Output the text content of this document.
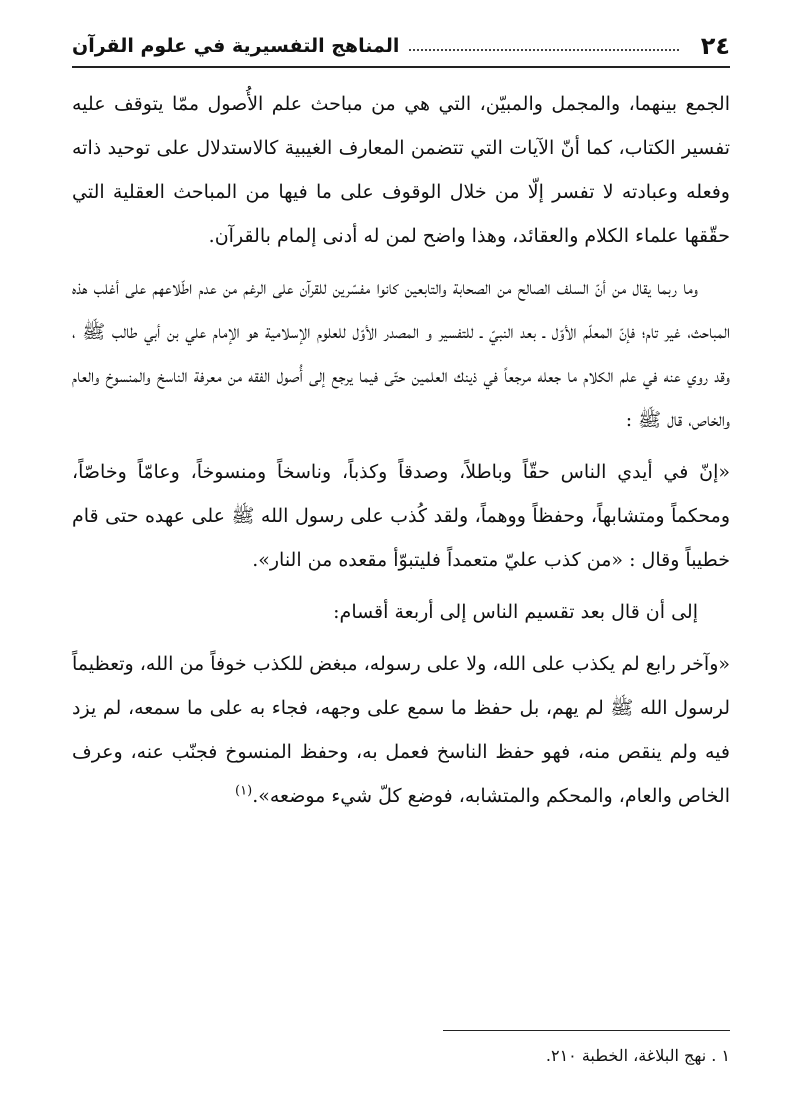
٢٤
المناهج التفسيرية في علوم القرآن

الجمع بينهما، والمجمل والمبيّن، التي هي من مباحث علم الأُصول ممّا يتوقف عليه تفسير الكتاب، كما أنّ الآيات التي تتضمن المعارف الغيبية كالاستدلال على توحيد ذاته وفعله وعبادته لا تفسر إلّا من خلال الوقوف على ما فيها من المباحث العقلية التي حقّقها علماء الكلام والعقائد، وهذا واضح لمن له أدنى إلمام بالقرآن.

وما ربما يقال من أنّ السلف الصالح من الصحابة والتابعين كانوا مفسّرين للقرآن على الرغم من عدم اطّلاعهم على أغلب هذه المباحث، غير تام؛ فإنّ المعلّم الأوّل ـ بعد النبيّ ـ للتفسير و المصدر الأوّل للعلوم الإسلامية هو الإمام علي بن أبي طالب ﷺ ، وقد روي عنه في علم الكلام ما جعله مرجعاً في ذينك العلمين حتّى فيما يرجع إلى أُصول الفقه من معرفة الناسخ والمنسوخ والعام والخاص، قال ﷺ :

«إنّ في أيدي الناس حقّاً وباطلاً، وصدقاً وكذباً، وناسخاً ومنسوخاً، وعامّاً وخاصّاً، ومحكماً ومتشابهاً، وحفظاً ووهماً، ولقد كُذب على رسول الله ﷺ على عهده حتى قام خطيباً وقال : «من كذب عليّ متعمداً فليتبوّأ مقعده من النار».

إلى أن قال بعد تقسيم الناس إلى أربعة أقسام:

«وآخر رابع لم يكذب على الله، ولا على رسوله، مبغض للكذب خوفاً من الله، وتعظيماً لرسول الله ﷺ لم يهم، بل حفظ ما سمع على وجهه، فجاء به على ما سمعه، لم يزد فيه ولم ينقص منه، فهو حفظ الناسخ فعمل به، وحفظ المنسوخ فجنّب عنه، وعرف الخاص والعام، والمحكم والمتشابه، فوضع كلّ شيء موضعه».$^{(١)}$

١ . نهج البلاغة، الخطبة ٢١٠.
